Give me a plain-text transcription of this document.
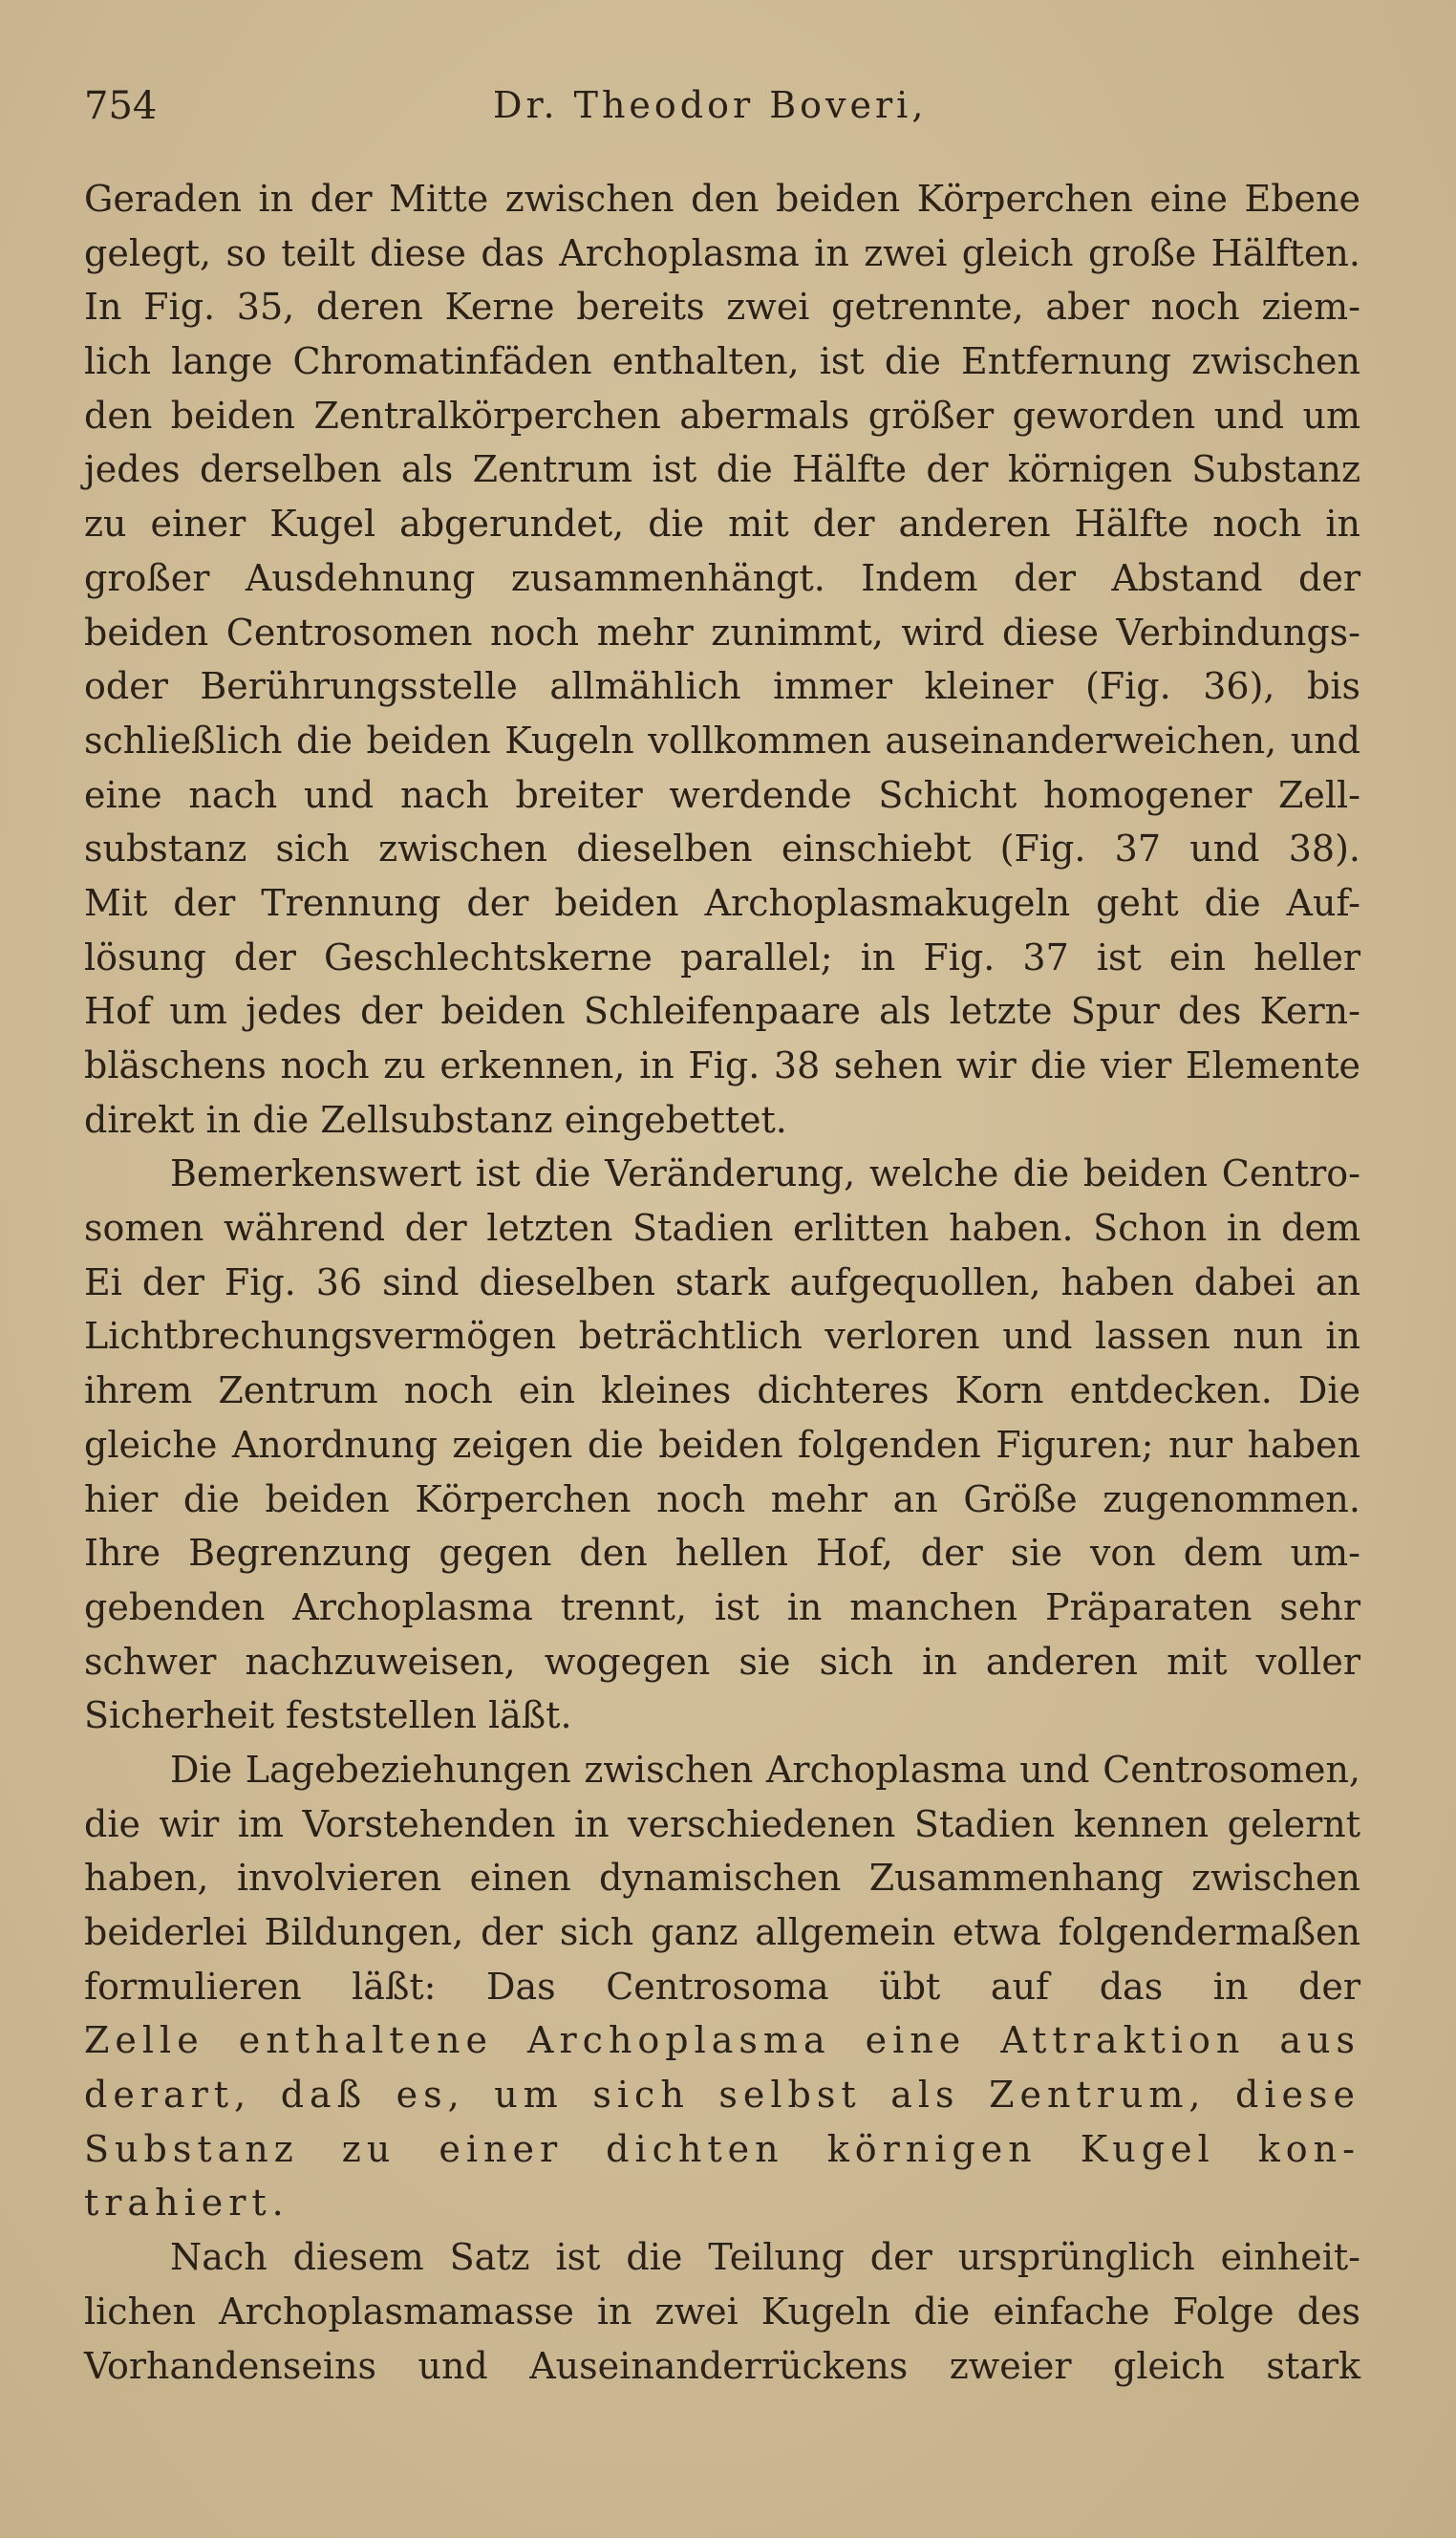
754	Dr. Theodor Boveri,
Geraden in der Mitte zwischen den beiden Körperchen eine Ebene
gelegt, so teilt diese das Archoplasma in zwei gleich große Hälften.
In Fig. 35, deren Kerne bereits zwei getrennte, aber noch ziem-
lich lange Chromatinfäden enthalten, ist die Entfernung zwischen
den beiden Zentralkörperchen abermals größer geworden und um
jedes derselben als Zentrum ist die Hälfte der körnigen Substanz
zu einer Kugel abgerundet, die mit der anderen Hälfte noch in
großer Ausdehnung zusammenhängt. Indem der Abstand der
beiden Centrosomen noch mehr zunimmt, wird diese Verbindungs-
oder Berührungsstelle allmählich immer kleiner (Fig. 36), bis
schließlich die beiden Kugeln vollkommen auseinanderweichen, und
eine nach und nach breiter werdende Schicht homogener Zell-
substanz sich zwischen dieselben einschiebt (Fig. 37 und 38).
Mit der Trennung der beiden Archoplasmakugeln geht die Auf-
lösung der Geschlechtskerne parallel; in Fig. 37 ist ein heller
Hof um jedes der beiden Schleifenpaare als letzte Spur des Kern-
bläschens noch zu erkennen, in Fig. 38 sehen wir die vier Elemente
direkt in die Zellsubstanz eingebettet.
Bemerkenswert ist die Veränderung, welche die beiden Centro-
somen während der letzten Stadien erlitten haben. Schon in dem
Ei der Fig. 36 sind dieselben stark aufgequollen, haben dabei an
Lichtbrechungsvermögen beträchtlich verloren und lassen nun in
ihrem Zentrum noch ein kleines dichteres Korn entdecken. Die
gleiche Anordnung zeigen die beiden folgenden Figuren; nur haben
hier die beiden Körperchen noch mehr an Größe zugenommen.
Ihre Begrenzung gegen den hellen Hof, der sie von dem um-
gebenden Archoplasma trennt, ist in manchen Präparaten sehr
schwer nachzuweisen, wogegen sie sich in anderen mit voller
Sicherheit feststellen läßt.
Die Lagebeziehungen zwischen Archoplasma und Centrosomen,
die wir im Vorstehenden in verschiedenen Stadien kennen gelernt
haben, involvieren einen dynamischen Zusammenhang zwischen
beiderlei Bildungen, der sich ganz allgemein etwa folgendermaßen
formulieren läßt: Das Centrosoma übt auf das in der
Zelle enthaltene Archoplasma eine Attraktion aus
derart, daß es, um sich selbst als Zentrum, diese
Substanz zu einer dichten körnigen Kugel kon-
trahiert.
Nach diesem Satz ist die Teilung der ursprünglich einheit-
lichen Archoplasmamasse in zwei Kugeln die einfache Folge des
Vorhandenseins und Auseinanderrückens zweier gleich stark
